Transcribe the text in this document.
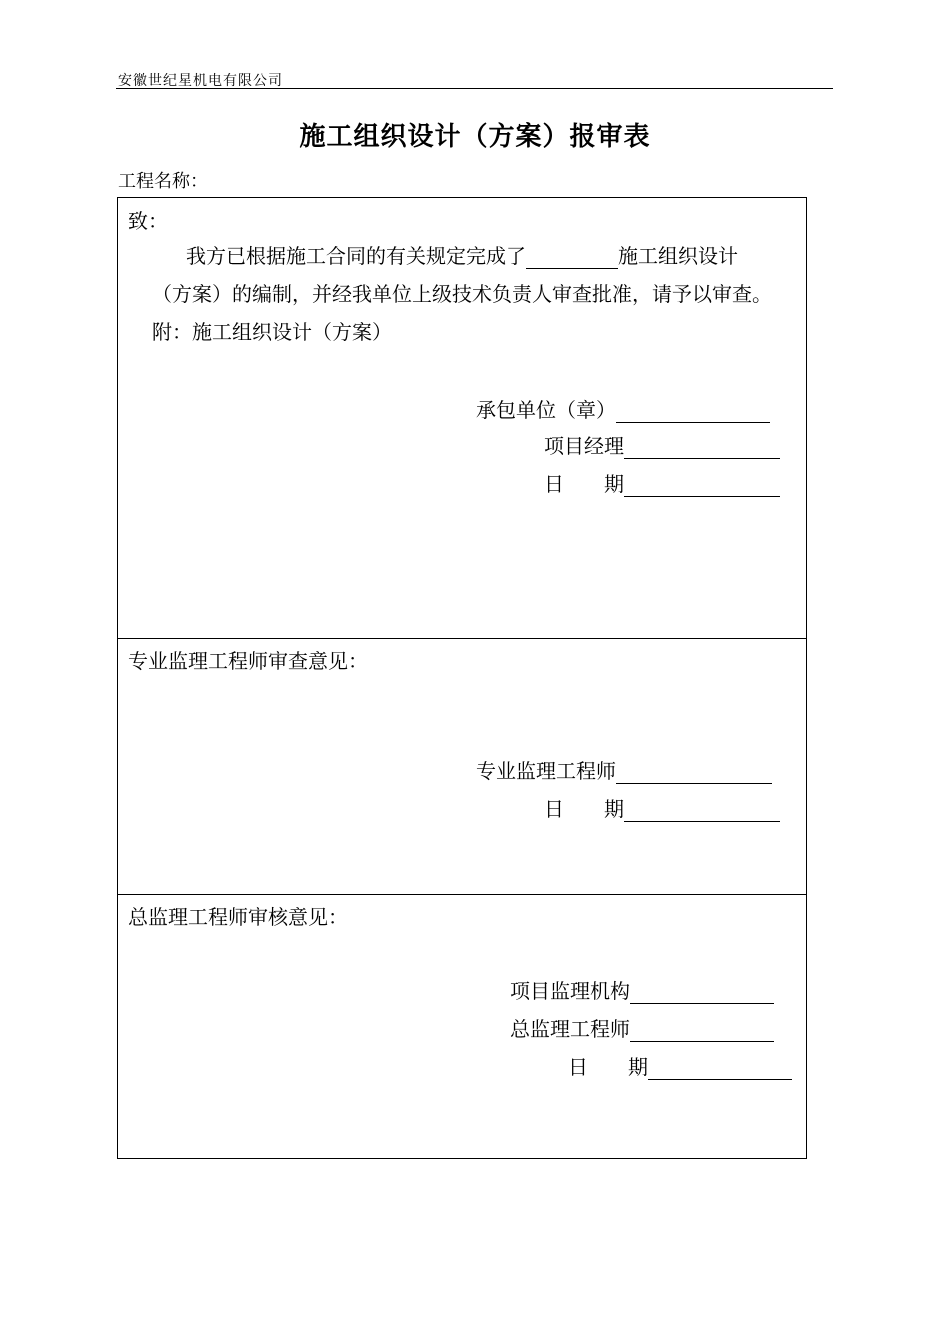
安徽世纪星机电有限公司
施工组织设计（方案）报审表
工程名称：
致：
我方已根据施工合同的有关规定完成了	施工组织设计
（方案）的编制，并经我单位上级技术负责人审查批准，请予以审查。
附：施工组织设计（方案）
承包单位（章）
项目经理
日　　期
专业监理工程师审查意见：
专业监理工程师
日　　期
总监理工程师审核意见：
项目监理机构
总监理工程师
日　　期
